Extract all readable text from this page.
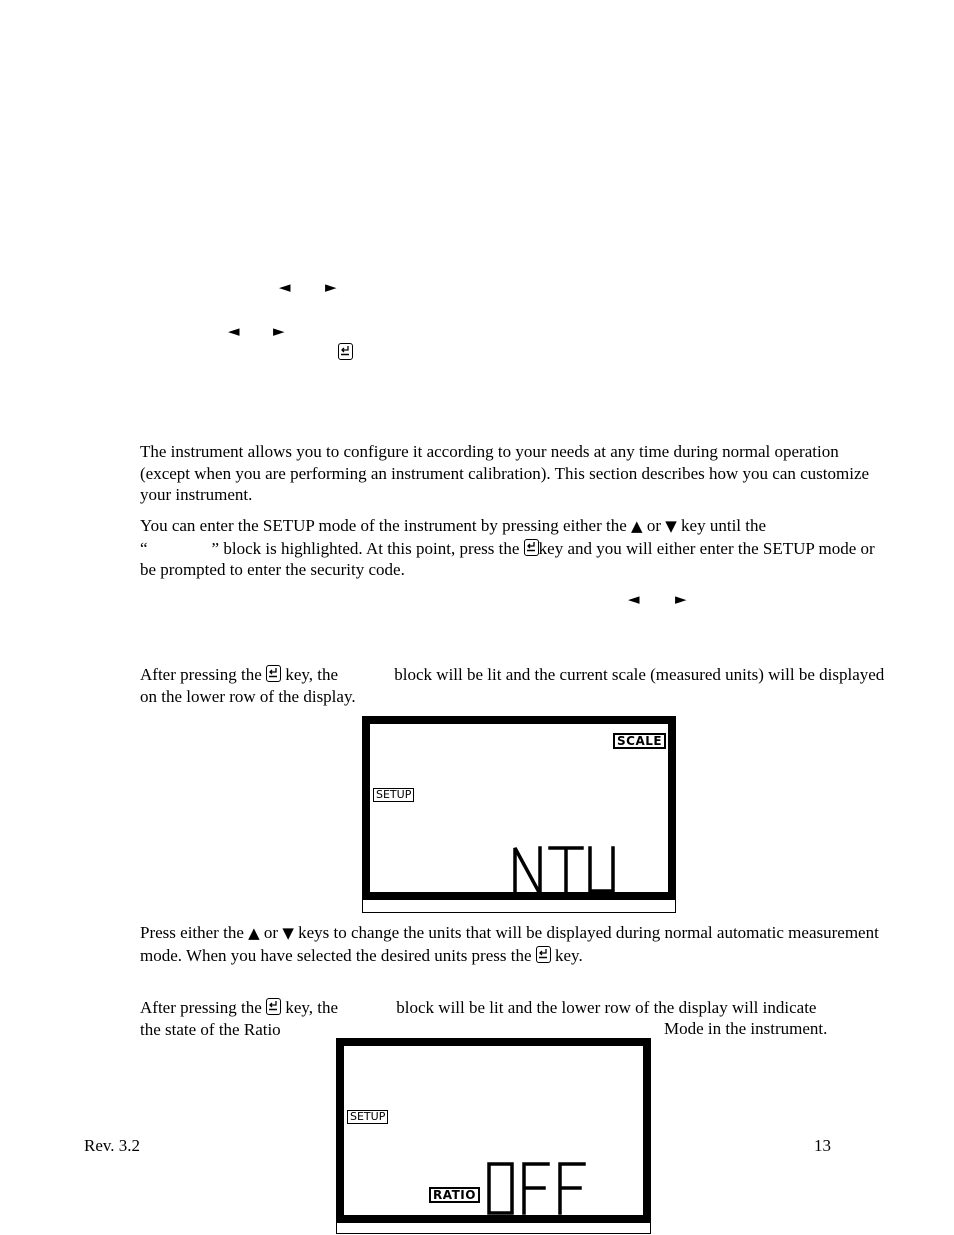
◄ ►
◄ ►

The instrument allows you to configure it according to your needs at any time during normal operation (except when you are performing an instrument calibration). This section describes how you can customize your instrument.

You can enter the SETUP mode of the instrument by pressing either the ▲ or ▼ key until the
“	” block is highlighted. At this point, press the key and you will either enter the SETUP mode or be prompted to enter the security code.

◄ ►

After pressing the key, the	block will be lit and the current scale (measured units) will be displayed on the lower row of the display.

SCALE
SETUP

Press either the ▲ or ▼ keys to change the units that will be displayed during normal automatic measurement mode. When you have selected the desired units press the key.

After pressing the key, the	block will be lit and the lower row of the display will indicate
the state of the Ratio	Mode in the instrument.
SETUP
RATIO
Rev. 3.2	13
